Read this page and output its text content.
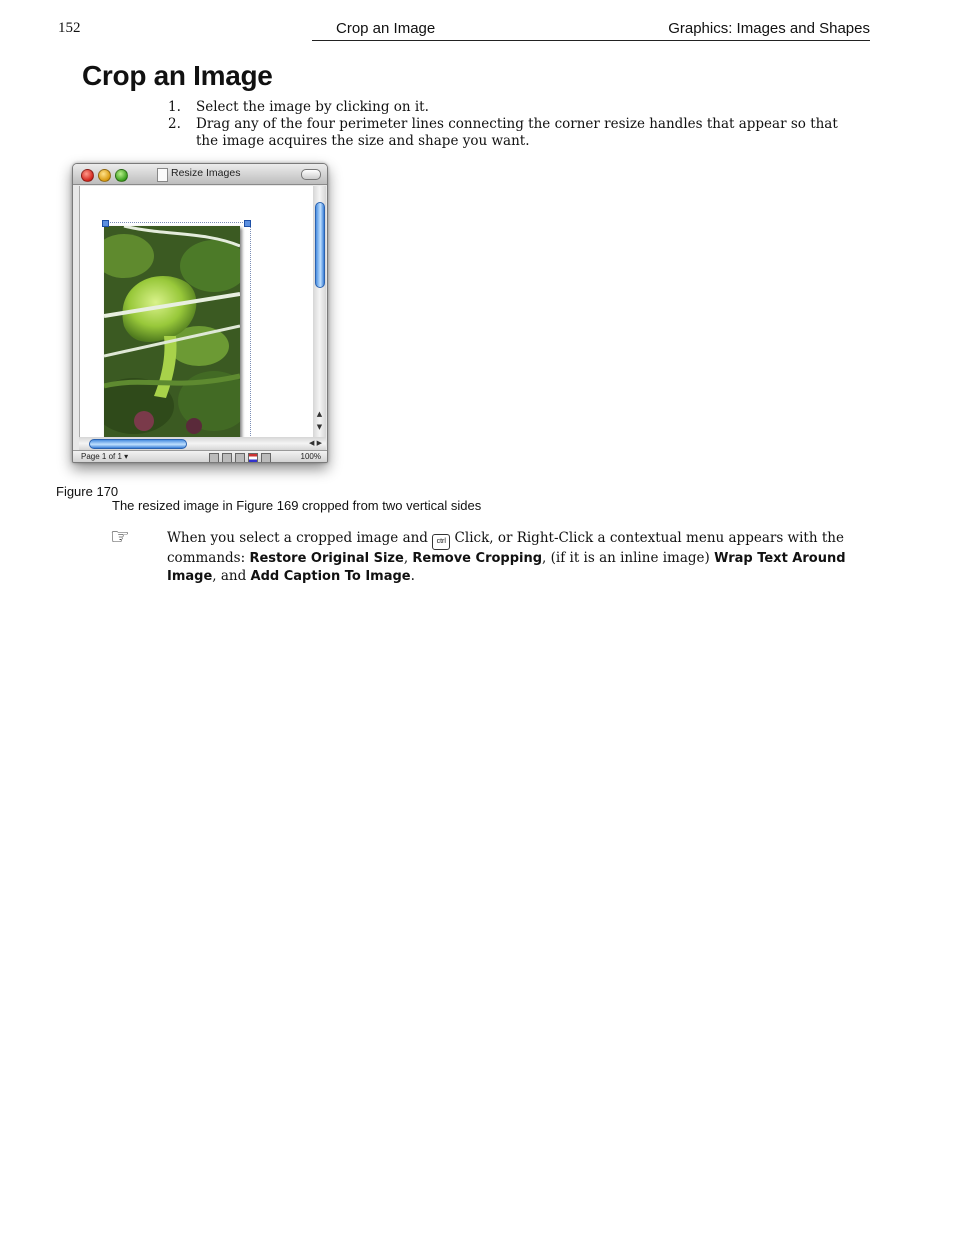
152	Crop an Image	Graphics: Images and Shapes
Crop an Image
1. Select the image by clicking on it.
2. Drag any of the four perimeter lines connecting the corner resize handles that appear so that the image acquires the size and shape you want.
Resize Images
▲
▼
◀ ▶
Page 1 of 1 ▾	100%
Figure 170
The resized image in Figure 169 cropped from two vertical sides
☞	When you select a cropped image and ctrl Click, or Right-Click a contextual menu appears with the commands: Restore Original Size, Remove Cropping, (if it is an inline image) Wrap Text Around Image, and Add Caption To Image.
